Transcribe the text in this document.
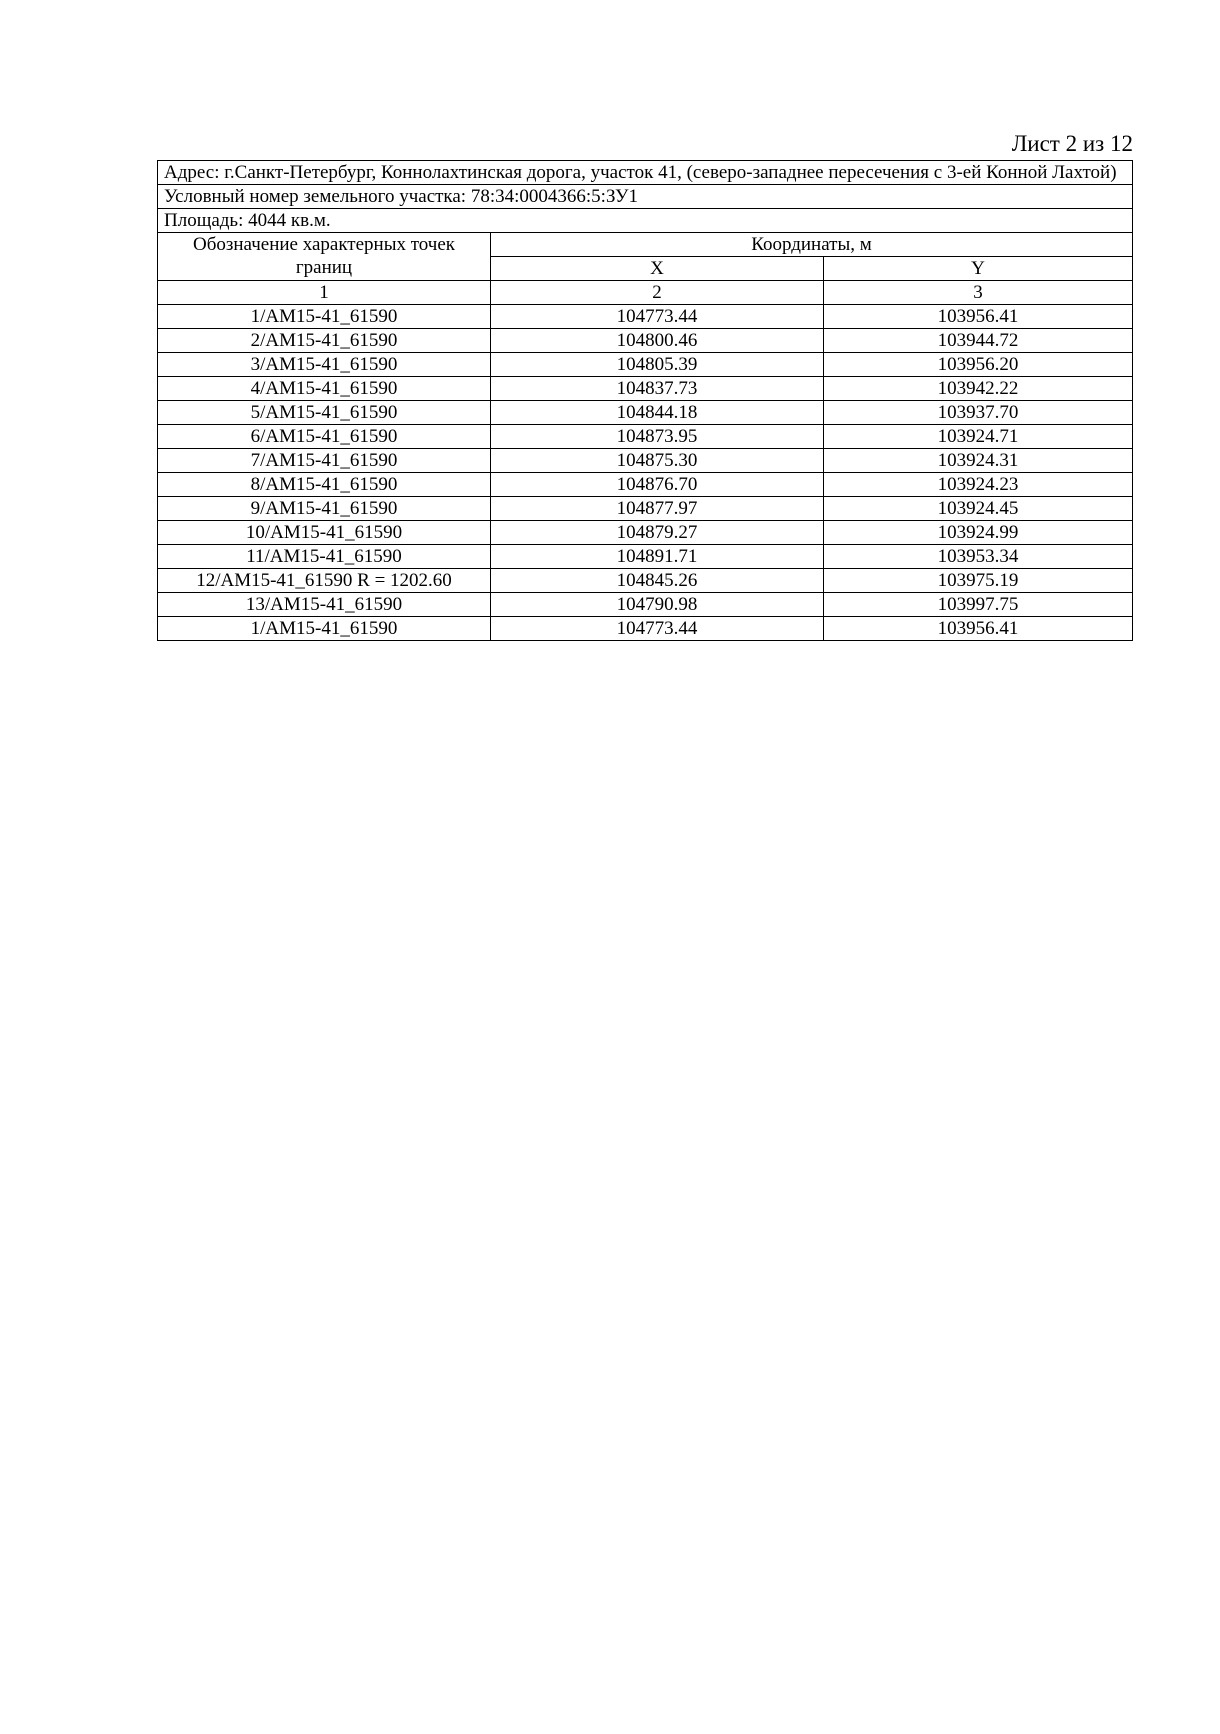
Лист 2 из 12
Адрес: г.Санкт-Петербург, Коннолахтинская дорога, участок 41, (северо-западнее пересечения с 3-ей Конной Лахтой)		
Условный номер земельного участка: 78:34:0004366:5:ЗУ1		
Площадь: 4044 кв.м.		
Обозначение характерных точек границ	Координаты, м	
	X	Y
1	2	3
1/AM15-41_61590	104773.44	103956.41
2/AM15-41_61590	104800.46	103944.72
3/AM15-41_61590	104805.39	103956.20
4/AM15-41_61590	104837.73	103942.22
5/AM15-41_61590	104844.18	103937.70
6/AM15-41_61590	104873.95	103924.71
7/AM15-41_61590	104875.30	103924.31
8/AM15-41_61590	104876.70	103924.23
9/AM15-41_61590	104877.97	103924.45
10/AM15-41_61590	104879.27	103924.99
11/AM15-41_61590	104891.71	103953.34
12/AM15-41_61590 R = 1202.60	104845.26	103975.19
13/AM15-41_61590	104790.98	103997.75
1/AM15-41_61590	104773.44	103956.41
